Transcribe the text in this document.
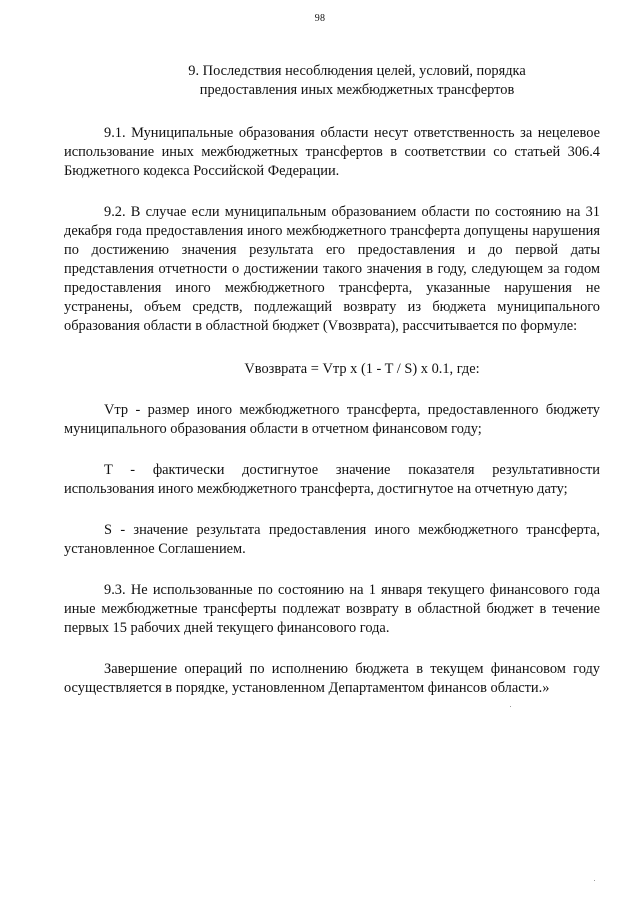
98
9. Последствия несоблюдения целей, условий, порядка
предоставления иных межбюджетных трансфертов

9.1. Муниципальные образования области несут ответственность за нецелевое использование иных межбюджетных трансфертов в соответствии со статьей 306.4 Бюджетного кодекса Российской Федерации.

9.2. В случае если муниципальным образованием области по состоянию на 31 декабря года предоставления иного межбюджетного трансферта допущены нарушения по достижению значения результата его предоставления и до первой даты представления отчетности о достижении такого значения в году, следующем за годом предоставления иного межбюджетного трансферта, указанные нарушения не устранены, объем средств, подлежащий возврату из бюджета муниципального образования области в областной бюджет (Vвозврата), рассчитывается по формуле:

Vвозврата = Vтр x (1 - T / S) x 0.1, где:

Vтр - размер иного межбюджетного трансферта, предоставленного бюджету муниципального образования области в отчетном финансовом году;

T - фактически достигнутое значение показателя результативности использования иного межбюджетного трансферта, достигнутое на отчетную дату;

S - значение результата предоставления иного межбюджетного трансферта, установленное Соглашением.

9.3. Не использованные по состоянию на 1 января текущего финансового года иные межбюджетные трансферты подлежат возврату в областной бюджет в течение первых 15 рабочих дней текущего финансового года.

Завершение операций по исполнению бюджета в текущем финансовом году осуществляется в порядке, установленном Департаментом финансов области.»
